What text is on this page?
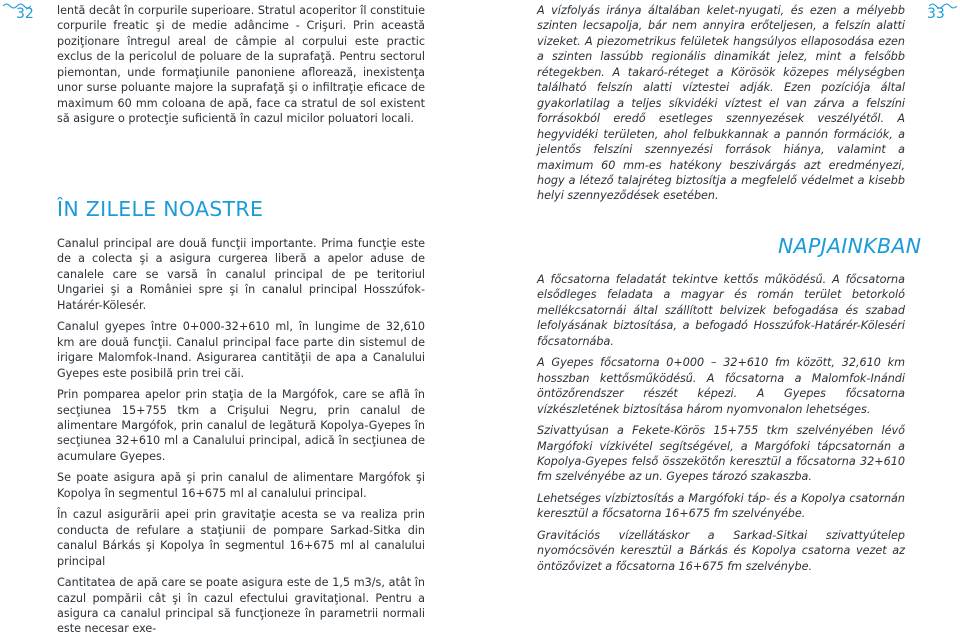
32	33

lentă decât în corpurile superioare. Stratul acoperitor îl constituie corpurile freatic şi de medie adâncime - Crişuri. Prin această poziţionare întregul areal de câmpie al corpului este practic exclus de la pericolul de poluare de la suprafaţă. Pentru sectorul piemontan, unde formaţiunile panoniene aflorează, inexistenţa unor surse poluante majore la suprafaţă şi o infiltraţie eficace de maximum 60 mm coloana de apă, face ca stratul de sol existent să asigure o protecţie suficientă în cazul micilor poluatori locali.

ÎN ZILELE NOASTRE

Canalul principal are două funcţii importante. Prima funcţie este de a colecta şi a asigura curgerea liberă a apelor aduse de canalele care se varsă în canalul principal de pe teritoriul Ungariei şi a României spre şi în canalul principal Hosszúfok-Határér-Kölesér.

Canalul gyepes între 0+000-32+610 ml, în lungime de 32,610 km are două funcţii. Canalul principal face parte din sistemul de irigare Malomfok-Inand. Asigurarea cantităţii de apa a Canalului Gyepes este posibilă prin trei căi.

Prin pomparea apelor prin staţia de la Margófok, care se află în secţiunea 15+755 tkm a Crişului Negru, prin canalul de alimentare Margófok, prin canalul de legătură Kopolya-Gyepes în secţiunea 32+610 ml a Canalului principal, adică în secţiunea de acumulare Gyepes.

Se poate asigura apă şi prin canalul de alimentare Margófok şi Kopolya în segmentul 16+675 ml al canalului principal.

În cazul asigurării apei prin gravitaţie acesta se va realiza prin conducta de refulare a staţiunii de pompare Sarkad-Sitka din canalul Bárkás şi Kopolya în segmentul 16+675 ml al canalului principal

Cantitatea de apă care se poate asigura este de 1,5 m3/s, atât în cazul pompării cât şi în cazul efectului gravitaţional. Pentru a asigura ca canalul principal să funcţioneze în parametrii normali este necesar exe-

A vízfolyás iránya általában kelet-nyugati, és ezen a mélyebb szinten lecsapolja, bár nem annyira erőteljesen, a felszín alatti vizeket. A piezometrikus felületek hangsúlyos ellaposodása ezen a szinten lassúbb regionális dinamikát jelez, mint a felsőbb rétegekben. A takaró-réteget a Körösök közepes mélységben található felszín alatti víztestei adják. Ezen pozíciója által gyakorlatilag a teljes síkvidéki víztest el van zárva a felszíni forrásokból eredő esetleges szennyezések veszélyétől. A hegyvidéki területen, ahol felbukkannak a pannón formációk, a jelentős felszíni szennyezési források hiánya, valamint a maximum 60 mm-es hatékony beszivárgás azt eredményezi, hogy a létező talajréteg biztosítja a megfelelő védelmet a kisebb helyi szennyeződések esetében.

NAPJAINKBAN

A főcsatorna feladatát tekintve kettős működésű. A főcsatorna elsődleges feladata a magyar és román terület betorkoló mellékcsatornái által szállított belvizek befogadása és szabad lefolyásának biztosítása, a befogadó Hosszúfok-Határér-Köleséri főcsatornába.

A Gyepes főcsatorna 0+000 – 32+610 fm között, 32,610 km hosszban kettősműködésű. A főcsatorna a Malomfok-Inándi öntözőrendszer részét képezi. A Gyepes főcsatorna vízkészletének biztosítása három nyomvonalon lehetséges.

Szivattyúsan a Fekete-Körös 15+755 tkm szelvényében lévő Margófoki vízkivétel segítségével, a Margófoki tápcsatornán a Kopolya-Gyepes felső összekötőn keresztül a főcsatorna 32+610 fm szelvényébe az un. Gyepes tározó szakaszba.

Lehetséges vízbiztosítás a Margófoki táp- és a Kopolya csatornán keresztül a főcsatorna 16+675 fm szelvényébe.

Gravitációs vízellátáskor a Sarkad-Sitkai szivattyútelep nyomócsövén keresztül a Bárkás és Kopolya csatorna vezet az öntözővizet a főcsatorna 16+675 fm szelvénybe.
